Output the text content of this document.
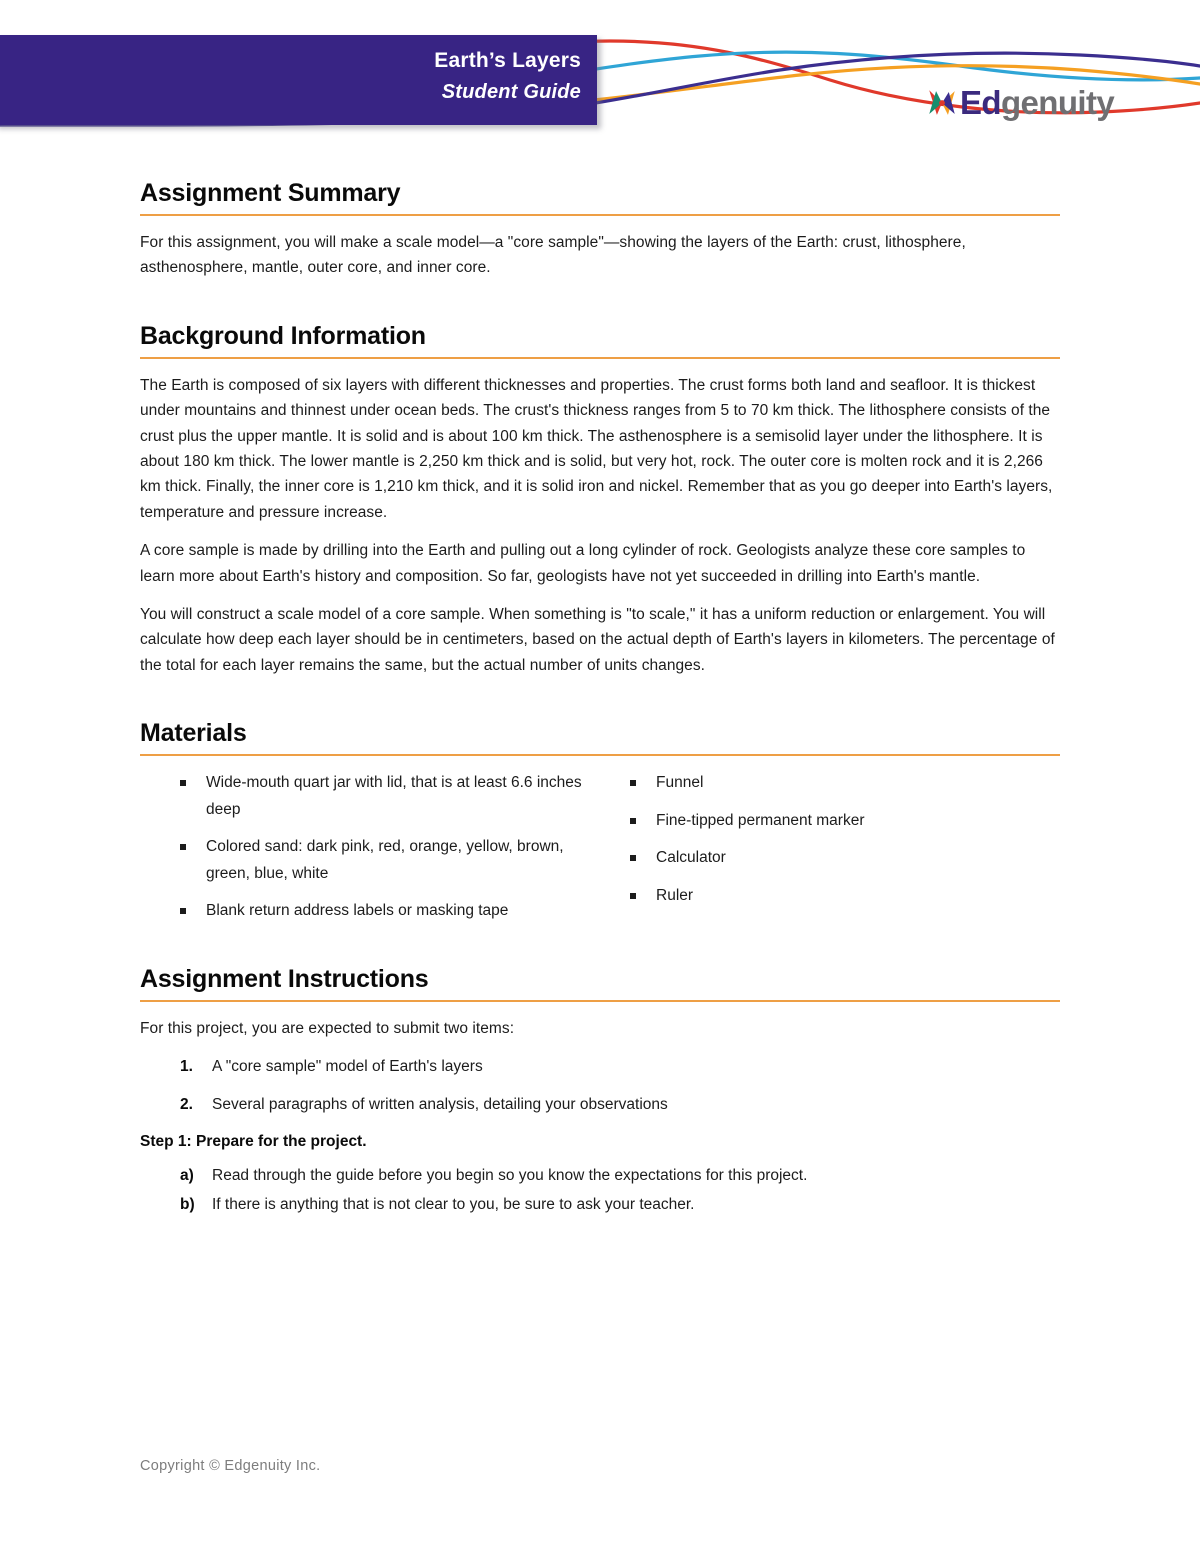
Earth’s Layers
Student Guide	Edgenuity
Assignment Summary

For this assignment, you will make a scale model—a "core sample"—showing the layers of the Earth: crust, lithosphere, asthenosphere, mantle, outer core, and inner core.

Background Information

The Earth is composed of six layers with different thicknesses and properties. The crust forms both land and seafloor. It is thickest under mountains and thinnest under ocean beds. The crust's thickness ranges from 5 to 70 km thick. The lithosphere consists of the crust plus the upper mantle. It is solid and is about 100 km thick. The asthenosphere is a semisolid layer under the lithosphere. It is about 180 km thick. The lower mantle is 2,250 km thick and is solid, but very hot, rock. The outer core is molten rock and it is 2,266 km thick. Finally, the inner core is 1,210 km thick, and it is solid iron and nickel. Remember that as you go deeper into Earth's layers, temperature and pressure increase.

A core sample is made by drilling into the Earth and pulling out a long cylinder of rock. Geologists analyze these core samples to learn more about Earth's history and composition. So far, geologists have not yet succeeded in drilling into Earth's mantle.

You will construct a scale model of a core sample. When something is "to scale," it has a uniform reduction or enlargement. You will calculate how deep each layer should be in centimeters, based on the actual depth of Earth's layers in kilometers. The percentage of the total for each layer remains the same, but the actual number of units changes.

Materials
Wide-mouth quart jar with lid, that is at least 6.6 inches deep
Colored sand: dark pink, red, orange, yellow, brown, green, blue, white
Blank return address labels or masking tape
Funnel
Fine-tipped permanent marker
Calculator
Ruler
Assignment Instructions

For this project, you are expected to submit two items:

1. A "core sample" model of Earth's layers
2. Several paragraphs of written analysis, detailing your observations
Step 1: Prepare for the project.
a) Read through the guide before you begin so you know the expectations for this project.
b) If there is anything that is not clear to you, be sure to ask your teacher.
Copyright © Edgenuity Inc.
